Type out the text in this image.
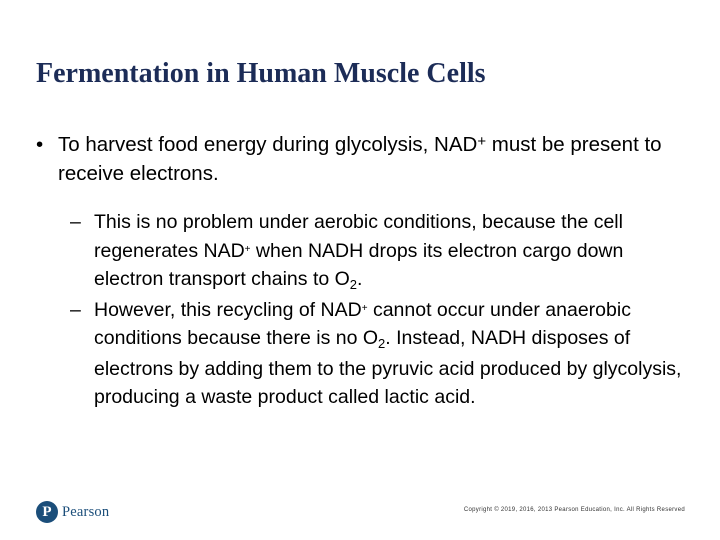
Fermentation in Human Muscle Cells
• To harvest food energy during glycolysis, NAD+ must be present to receive electrons.
– This is no problem under aerobic conditions, because the cell regenerates NAD+ when NADH drops its electron cargo down electron transport chains to $O_2$.
– However, this recycling of NAD+ cannot occur under anaerobic conditions because there is no $O_2$. Instead, NADH disposes of electrons by adding them to the pyruvic acid produced by glycolysis, producing a waste product called lactic acid.
P Pearson	Copyright © 2019, 2016, 2013 Pearson Education, Inc. All Rights Reserved
